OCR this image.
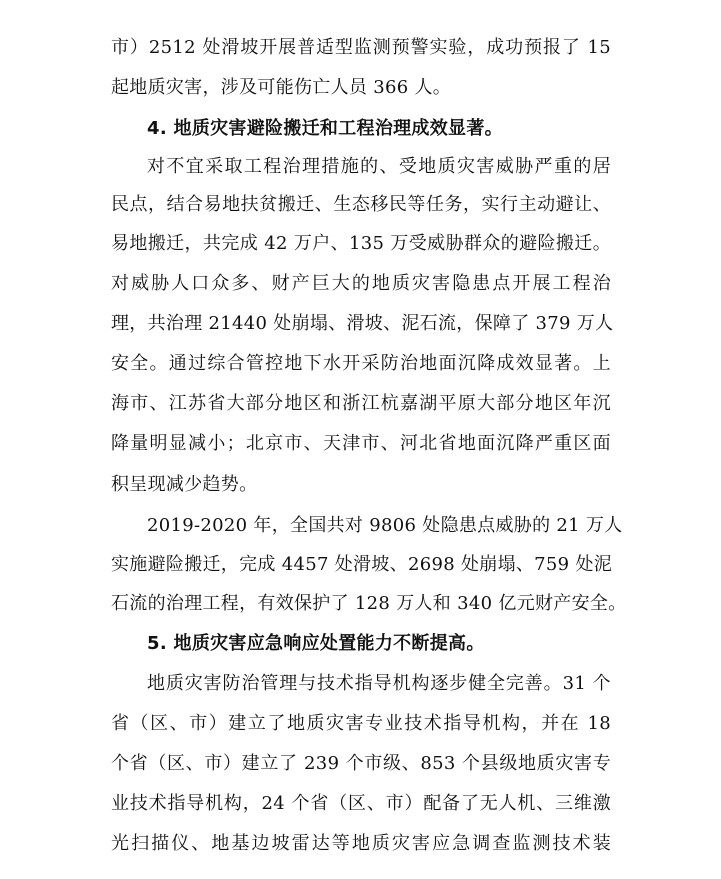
市）2512 处滑坡开展普适型监测预警实验，成功预报了 15
起地质灾害，涉及可能伤亡人员 366 人。
4. 地质灾害避险搬迁和工程治理成效显著。
对不宜采取工程治理措施的、受地质灾害威胁严重的居
民点，结合易地扶贫搬迁、生态移民等任务，实行主动避让、
易地搬迁，共完成 42 万户、135 万受威胁群众的避险搬迁。
对威胁人口众多、财产巨大的地质灾害隐患点开展工程治
理，共治理 21440 处崩塌、滑坡、泥石流，保障了 379 万人
安全。通过综合管控地下水开采防治地面沉降成效显著。上
海市、江苏省大部分地区和浙江杭嘉湖平原大部分地区年沉
降量明显减小；北京市、天津市、河北省地面沉降严重区面
积呈现减少趋势。
2019-2020 年，全国共对 9806 处隐患点威胁的 21 万人
实施避险搬迁，完成 4457 处滑坡、2698 处崩塌、759 处泥
石流的治理工程，有效保护了 128 万人和 340 亿元财产安全。
5. 地质灾害应急响应处置能力不断提高。
地质灾害防治管理与技术指导机构逐步健全完善。31 个
省（区、市）建立了地质灾害专业技术指导机构，并在 18
个省（区、市）建立了 239 个市级、853 个县级地质灾害专
业技术指导机构，24 个省（区、市）配备了无人机、三维激
光扫描仪、地基边坡雷达等地质灾害应急调查监测技术装
